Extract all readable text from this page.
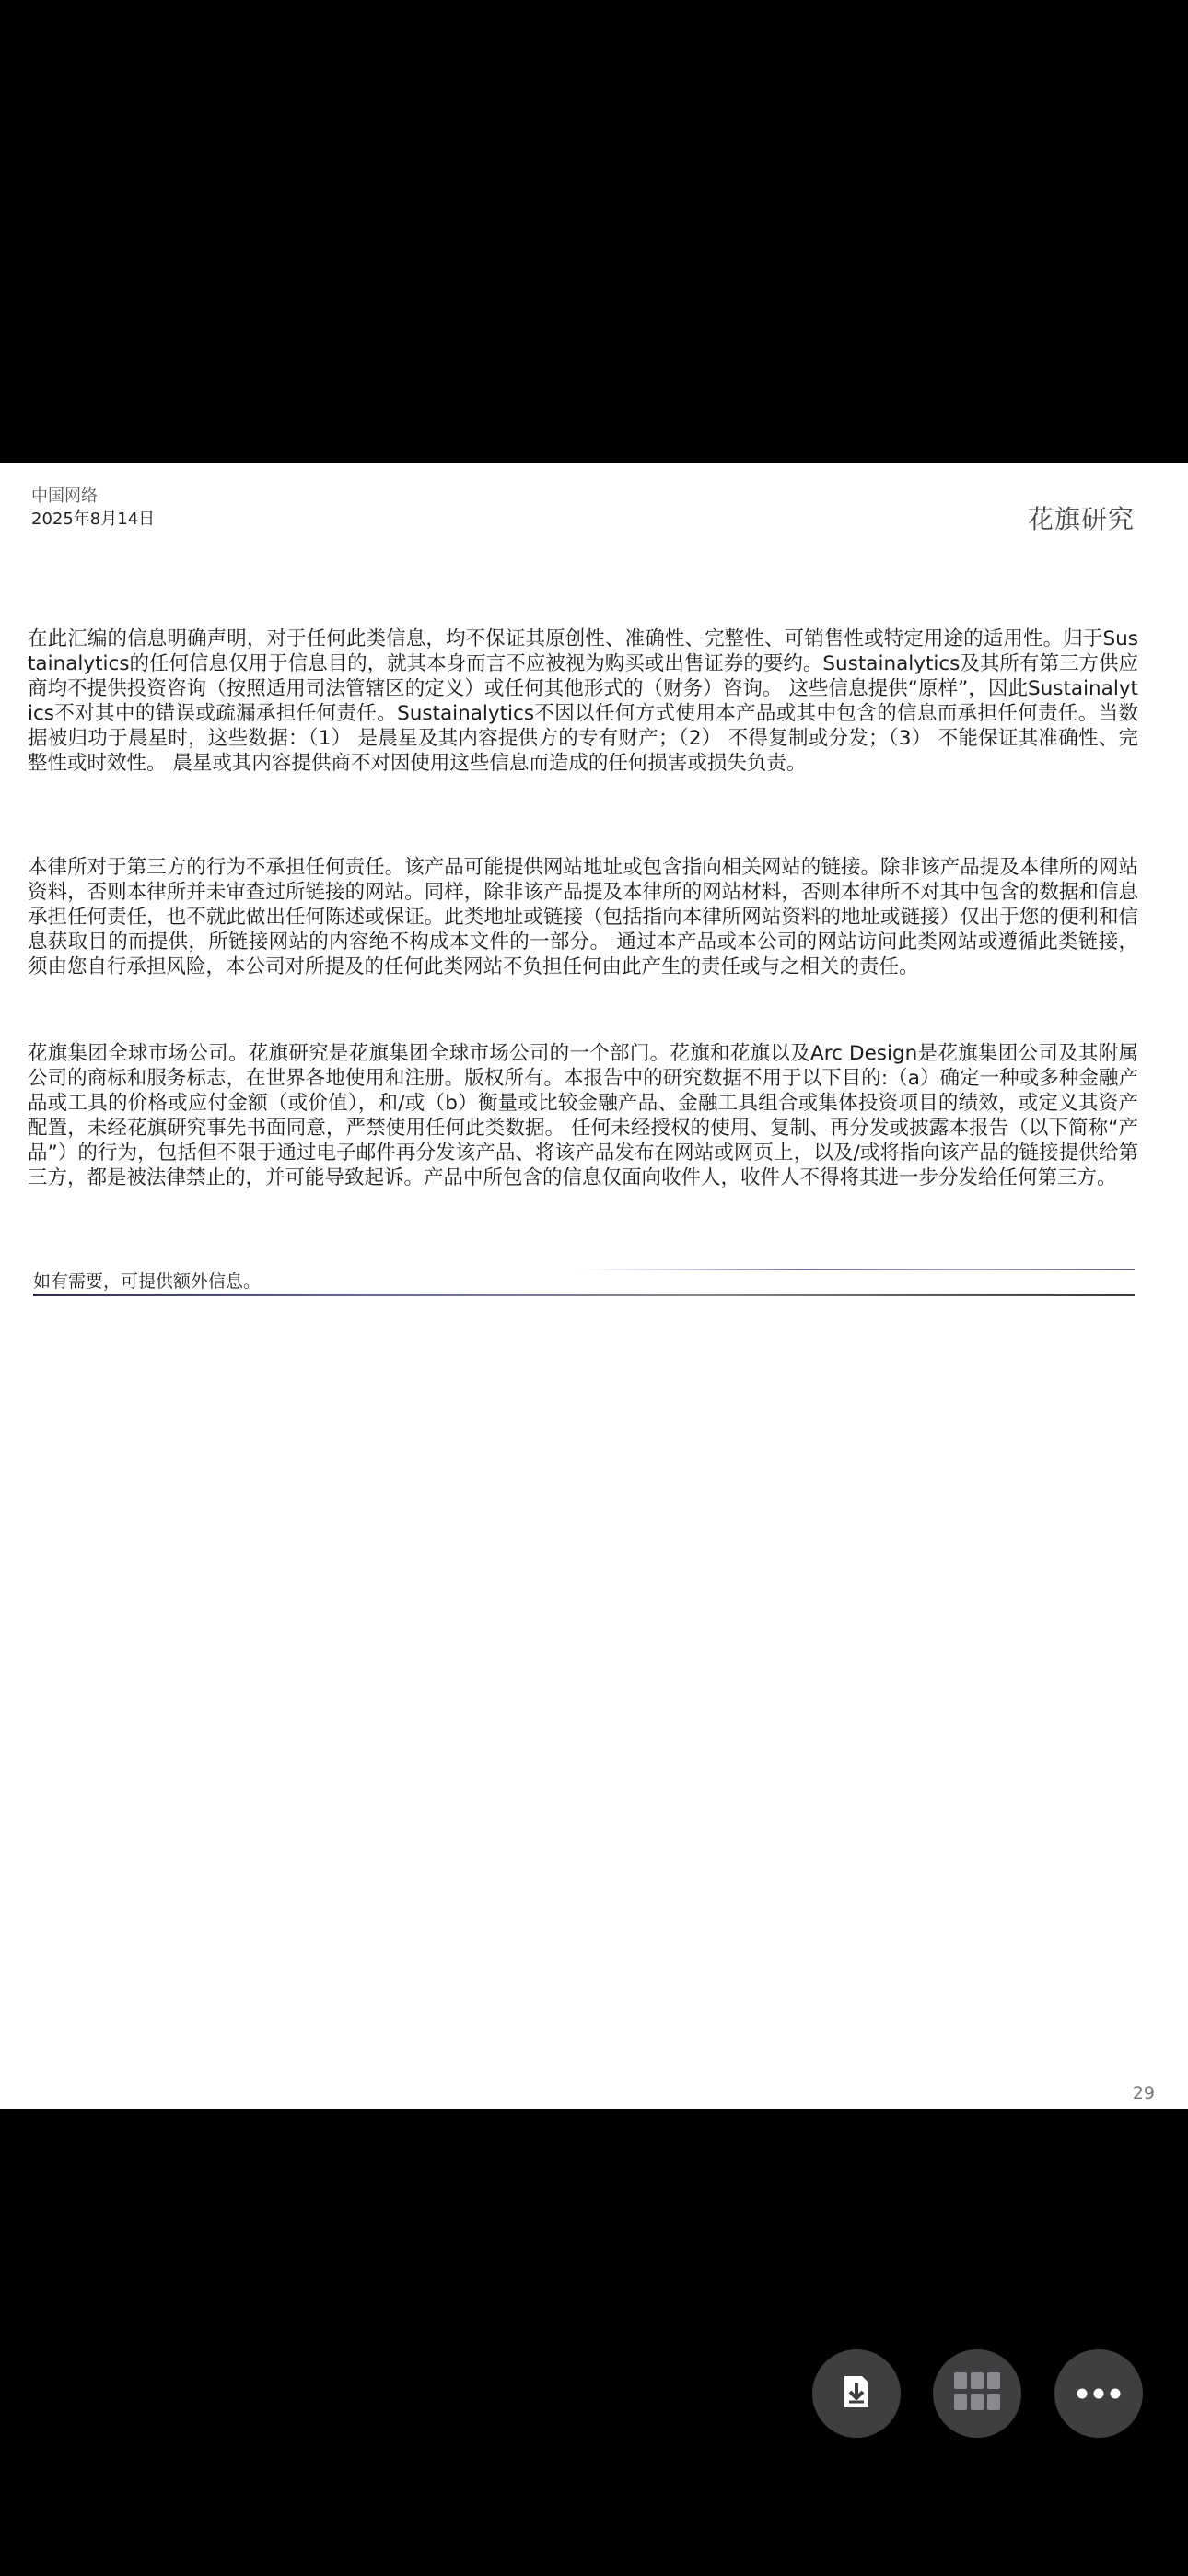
中国网络
2025年8月14日	花旗研究
在此汇编的信息明确声明，对于任何此类信息，均不保证其原创性、准确性、完整性、可销售性或特定用途的适用性。归于Sustainalytics的任何信息仅用于信息目的，就其本身而言不应被视为购买或出售证券的要约。Sustainalytics及其所有第三方供应商均不提供投资咨询（按照适用司法管辖区的定义）或任何其他形式的（财务）咨询。 这些信息提供“原样”，因此Sustainalytics不对其中的错误或疏漏承担任何责任。Sustainalytics不因以任何方式使用本产品或其中包含的信息而承担任何责任。当数据被归功于晨星时，这些数据：（1） 是晨星及其内容提供方的专有财产；（2） 不得复制或分发；（3） 不能保证其准确性、完整性或时效性。 晨星或其内容提供商不对因使用这些信息而造成的任何损害或损失负责。
本律所对于第三方的行为不承担任何责任。该产品可能提供网站地址或包含指向相关网站的链接。除非该产品提及本律所的网站资料，否则本律所并未审查过所链接的网站。同样，除非该产品提及本律所的网站材料，否则本律所不对其中包含的数据和信息承担任何责任，也不就此做出任何陈述或保证。此类地址或链接（包括指向本律所网站资料的地址或链接）仅出于您的便利和信息获取目的而提供，所链接网站的内容绝不构成本文件的一部分。 通过本产品或本公司的网站访问此类网站或遵循此类链接，须由您自行承担风险，本公司对所提及的任何此类网站不负担任何由此产生的责任或与之相关的责任。
花旗集团全球市场公司。花旗研究是花旗集团全球市场公司的一个部门。花旗和花旗以及Arc Design是花旗集团公司及其附属公司的商标和服务标志，在世界各地使用和注册。版权所有。本报告中的研究数据不用于以下目的:（a）确定一种或多种金融产品或工具的价格或应付金额（或价值），和/或（b）衡量或比较金融产品、金融工具组合或集体投资项目的绩效，或定义其资产配置，未经花旗研究事先书面同意，严禁使用任何此类数据。 任何未经授权的使用、复制、再分发或披露本报告（以下简称“产品”）的行为，包括但不限于通过电子邮件再分发该产品、将该产品发布在网站或网页上，以及/或将指向该产品的链接提供给第三方，都是被法律禁止的，并可能导致起诉。产品中所包含的信息仅面向收件人，收件人不得将其进一步分发给任何第三方。
如有需要，可提供额外信息。
29
